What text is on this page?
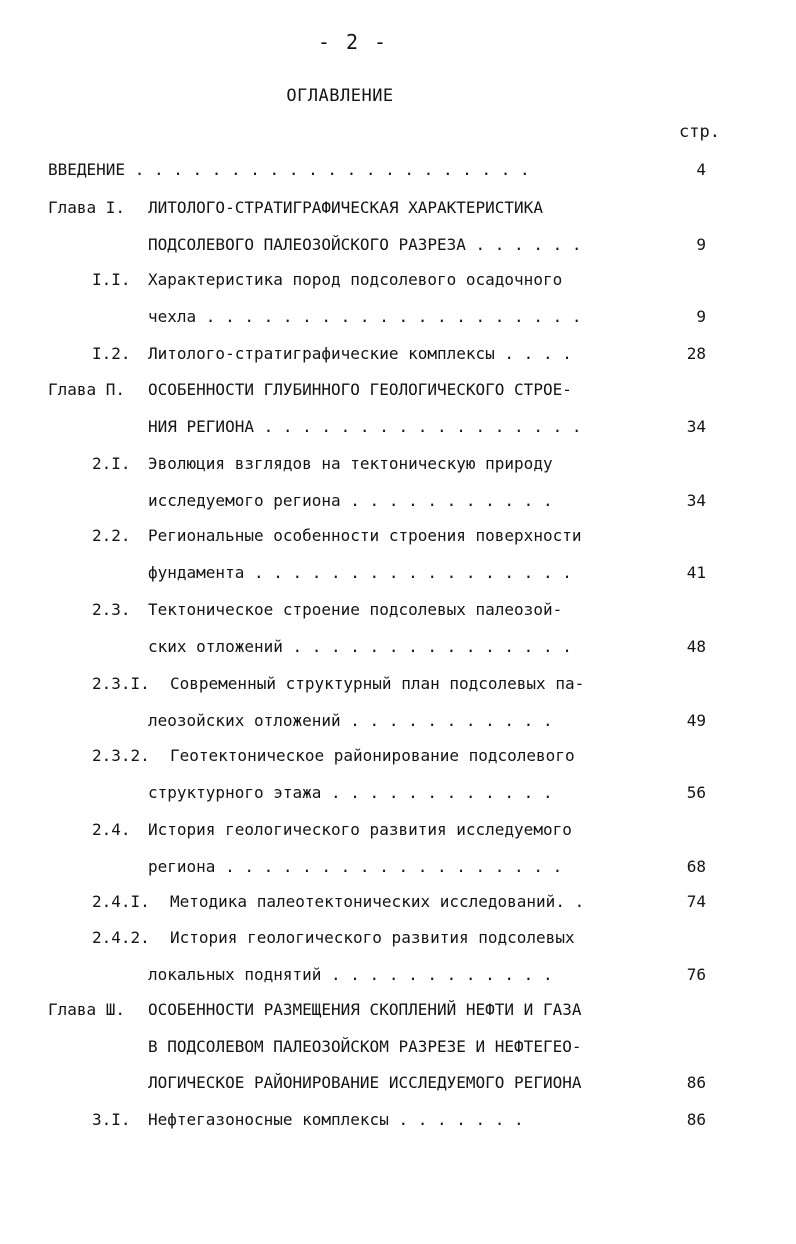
- 2 -
ОГЛАВЛЕНИЕ
стр.
ВВЕДЕНИЕ . . . . . . . . . . . . . . . . . . . . .	4
Глава I. ЛИТОЛОГО-СТРАТИГРАФИЧЕСКАЯ ХАРАКТЕРИСТИКА
ПОДСОЛЕВОГО ПАЛЕОЗОЙСКОГО РАЗРЕЗА . . . . . .	9
I.I. Характеристика пород подсолевого осадочного
чехла . . . . . . . . . . . . . . . . . . . .	9
I.2. Литолого-стратиграфические комплексы . . . .	28
Глава П. ОСОБЕННОСТИ ГЛУБИННОГО ГЕОЛОГИЧЕСКОГО СТРОЕ-
НИЯ РЕГИОНА . . . . . . . . . . . . . . . . .	34
2.I. Эволюция взглядов на тектоническую природу
исследуемого региона . . . . . . . . . . .	34
2.2. Региональные особенности строения поверхности
фундамента . . . . . . . . . . . . . . . . .	41
2.3. Тектоническое строение подсолевых палеозой-
ских отложений . . . . . . . . . . . . . . .	48
2.3.I. Современный структурный план подсолевых па-
леозойских отложений . . . . . . . . . . .	49
2.3.2. Геотектоническое районирование подсолевого
структурного этажа . . . . . . . . . . . .	56
2.4. История геологического развития исследуемого
региона . . . . . . . . . . . . . . . . . .	68
2.4.I. Методика палеотектонических исследований. .	74
2.4.2. История геологического развития подсолевых
локальных поднятий . . . . . . . . . . . .	76
Глава Ш. ОСОБЕННОСТИ РАЗМЕЩЕНИЯ СКОПЛЕНИЙ НЕФТИ И ГАЗА
В ПОДСОЛЕВОМ ПАЛЕОЗОЙСКОМ РАЗРЕЗЕ И НЕФТЕГЕО-
ЛОГИЧЕСКОЕ РАЙОНИРОВАНИЕ ИССЛЕДУЕМОГО РЕГИОНА	86
3.I. Нефтегазоносные комплексы . . . . . . .	86
